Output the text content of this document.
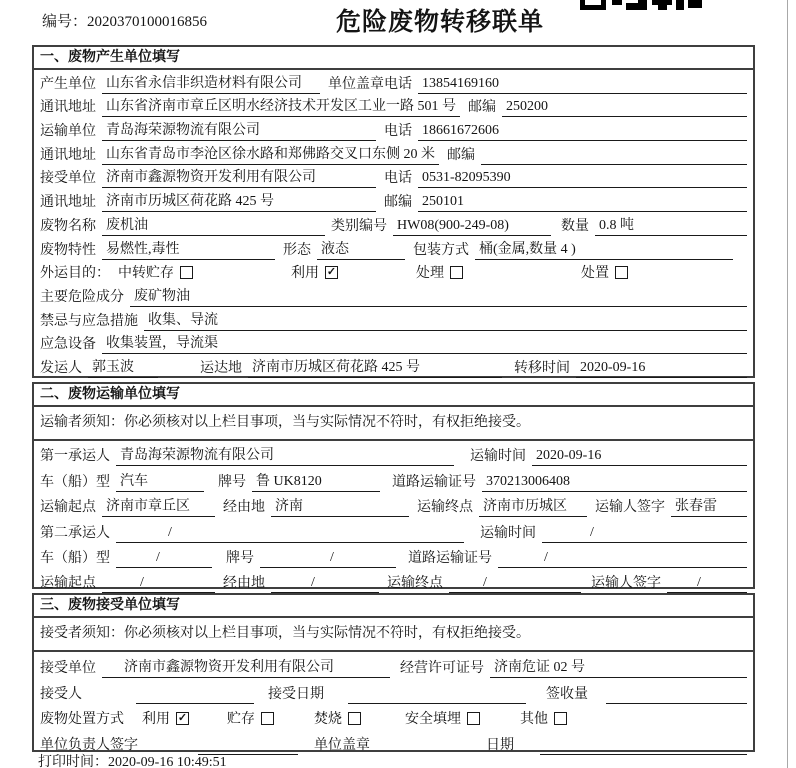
编号：2020370100016856	危险废物转移联单
一、废物产生单位填写
产生单位 山东省永信非织造材料有限公司	单位盖章 电话 13854169160
通讯地址 山东省济南市章丘区明水经济技术开发区工业一路 501 号 邮编 250200
运输单位 青岛海荣源物流有限公司	电话 18661672606
通讯地址 山东省青岛市李沧区徐水路和郑佛路交叉口东侧 20 米 邮编
接受单位 济南市鑫源物资开发利用有限公司	电话 0531-82095390
通讯地址 济南市历城区荷花路 425 号	邮编 250101
废物名称 废机油	类别编号 HW08(900-249-08)	数量 0.8 吨
废物特性 易燃性,毒性	形态 液态	包装方式 桶(金属,数量 4 )
外运目的： 中转贮存	利用 ✓	处理	处置
主要危险成分 废矿物油
禁忌与应急措施 收集、导流
应急设备 收集装置，导流渠
发运人 郭玉波	运达地 济南市历城区荷花路 425 号	转移时间 2020-09-16
二、废物运输单位填写
运输者须知：你必须核对以上栏目事项，当与实际情况不符时，有权拒绝接受。
第一承运人 青岛海荣源物流有限公司	运输时间 2020-09-16
车（船）型 汽车	牌号 鲁 UK8120	道路运输证号 370213006408
运输起点 济南市章丘区	经由地 济南	运输终点 济南市历城区	运输人签字 张春雷
第二承运人	/	运输时间	/
车（船）型	/	牌号	/	道路运输证号	/
运输起点	/	经由地	/	运输终点	/	运输人签字	/
三、废物接受单位填写
接受者须知：你必须核对以上栏目事项，当与实际情况不符时，有权拒绝接受。
接受单位	济南市鑫源物资开发利用有限公司	经营许可证号 济南危证 02 号
接受人	接受日期	签收量
废物处置方式	利用 ✓	贮存	焚烧	安全填埋	其他
单位负责人签字	单位盖章	日期
打印时间：2020-09-16 10:49:51
